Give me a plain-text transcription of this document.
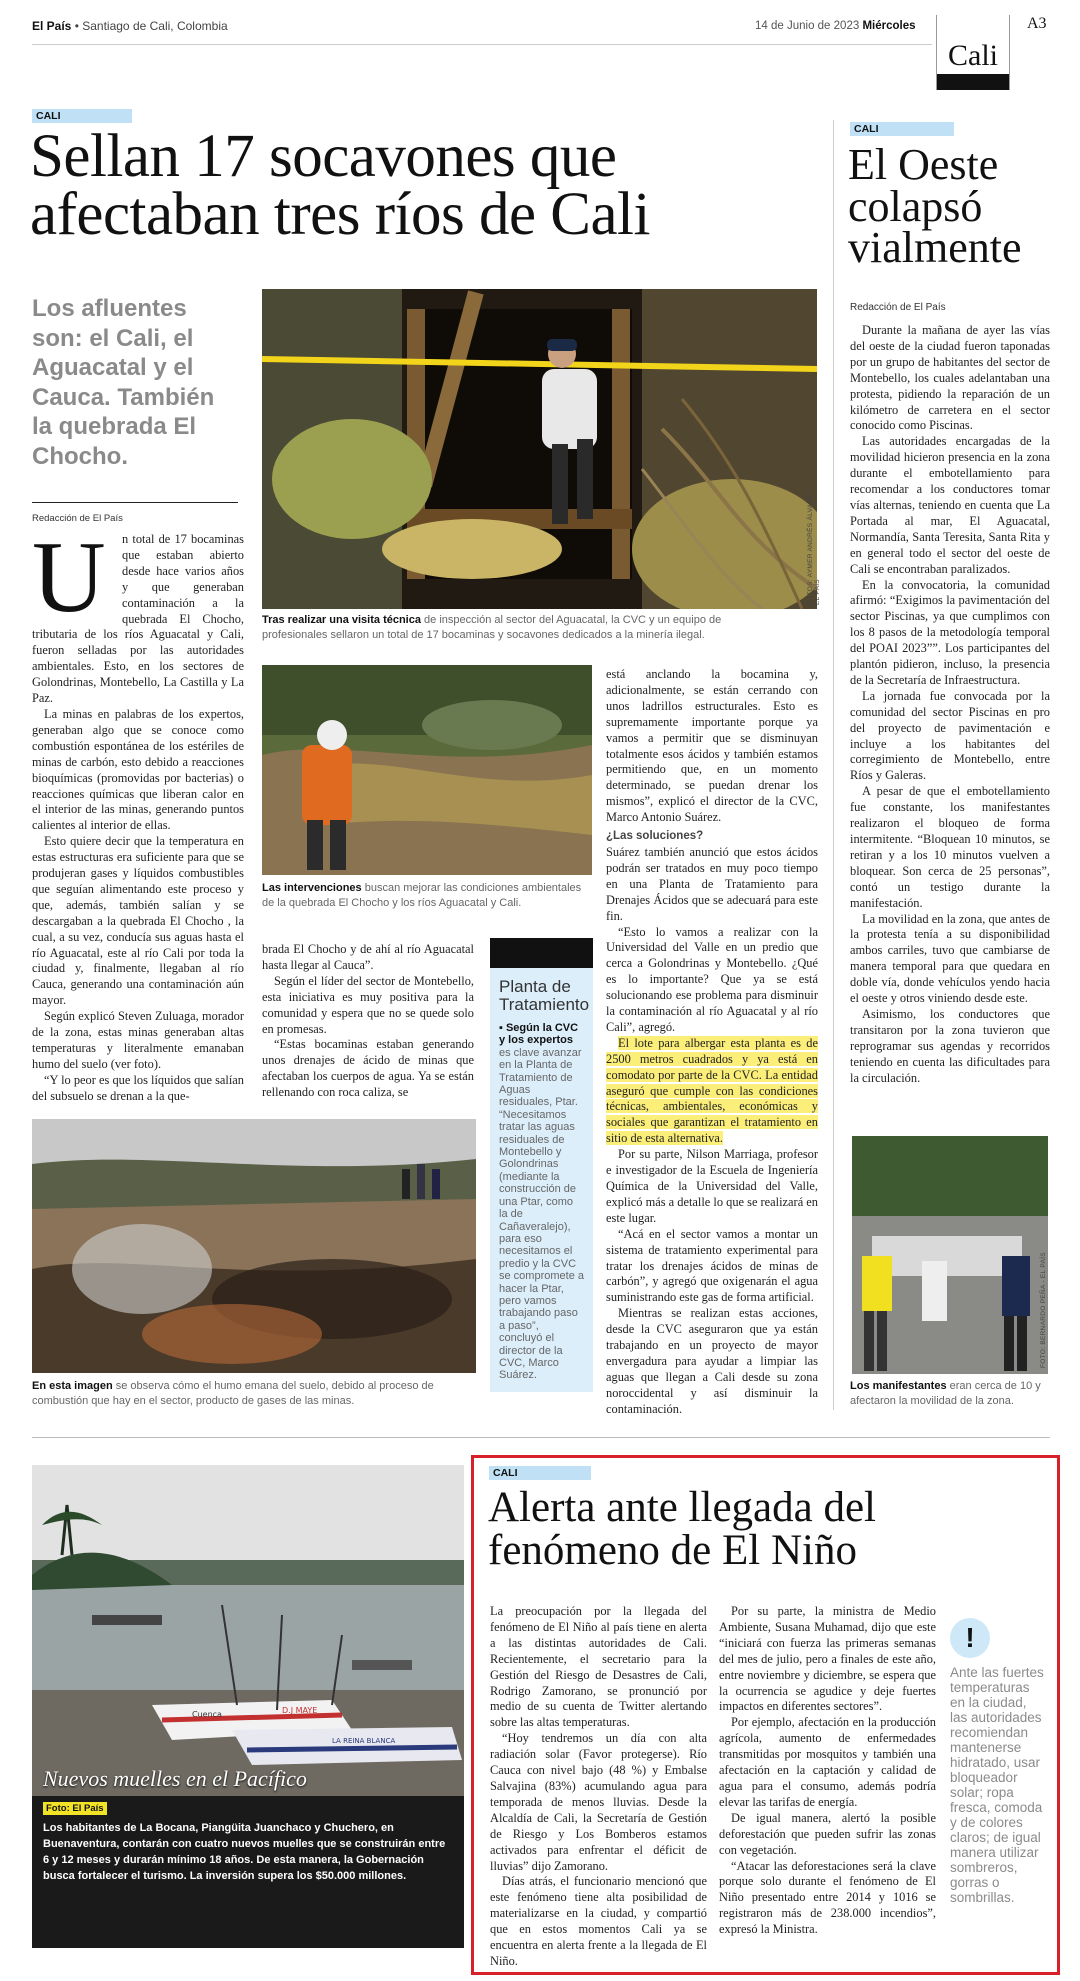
El País • Santiago de Cali, Colombia	14 de Junio de 2023 Miércoles
Cali
A3
CALI
Sellan 17 socavones que
afectaban tres ríos de Cali
Los afluentes son: el Cali, el Aguacatal y el Cauca. También la quebrada El Chocho.
Redacción de El País	FOTOS: AYMER ANDRÉS ÁLVAREZ - EL PAÍS
Tras realizar una visita técnica de inspección al sector del Aguacatal, la CVC y un equipo de profesionales sellaron un total de 17 bocaminas y socavones dedicados a la minería ilegal.
U	n total de 17 bocaminas que estaban abierto desde hace varios años y que generaban contaminación a la quebrada El Chocho, tributaria de los ríos Aguacatal y Cali, fueron selladas por las autoridades ambientales. Esto, en los sectores de Golondrinas, Montebello, La Castilla y La Paz.

La minas en palabras de los expertos, generaban algo que se conoce como combustión espontánea de los estériles de minas de carbón, esto debido a reacciones bioquímicas (promovidas por bacterias) o reacciones químicas que liberan calor en el interior de las minas, generando puntos calientes al interior de ellas.

Esto quiere decir que la temperatura en estas estructuras era suficiente para que se produjeran gases y líquidos combustibles que seguían alimentando este proceso y que, además, también salían y se descargaban a la quebrada El Chocho , la cual, a su vez, conducía sus aguas hasta el río Aguacatal, este al río Cali por toda la ciudad y, finalmente, llegaban al río Cauca, generando una contaminación aún mayor.

Según explicó Steven Zuluaga, morador de la zona, estas minas generaban altas temperaturas y literalmente emanaban humo del suelo (ver foto).

“Y lo peor es que los líquidos que salían del subsuelo se drenan a la que-

Las intervenciones buscan mejorar las condiciones ambientales de la quebrada El Chocho y los ríos Aguacatal y Cali.
brada El Chocho y de ahí al río Aguacatal hasta llegar al Cauca”.

Según el líder del sector de Montebello, esta iniciativa es muy positiva para la comunidad y espera que no se quede solo en promesas.

“Estas bocaminas estaban generando unos drenajes de ácido de minas que afectaban los cuerpos de agua. Ya se están rellenando con roca caliza, se

está anclando la bocamina y, adicionalmente, se están cerrando con unos ladrillos estructurales. Esto es supremamente importante porque ya vamos a permitir que se disminuyan totalmente esos ácidos y también estamos permitiendo que, en un momento determinado, se puedan drenar los mismos”, explicó el director de la CVC, Marco Antonio Suárez.
¿Las soluciones?
Suárez también anunció que estos ácidos podrán ser tratados en muy poco tiempo en una Planta de Tratamiento para Drenajes Ácidos que se adecuará para este fin.

“Esto lo vamos a realizar con la Universidad del Valle en un predio que cerca a Golondrinas y Montebello. ¿Qué es lo importante? Que ya se está solucionando ese problema para disminuir la contaminación al río Aguacatal y al río Cali”, agregó.

El lote para albergar esta planta es de 2500 metros cuadrados y ya está en comodato por parte de la CVC. La entidad aseguró que cumple con las condiciones técnicas, ambientales, económicas y sociales que garantizan el tratamiento en sitio de esta alternativa.

Por su parte, Nilson Marriaga, profesor e investigador de la Escuela de Ingeniería Química de la Universidad del Valle, explicó más a detalle lo que se realizará en este lugar.

“Acá en el sector vamos a montar un sistema de tratamiento experimental para tratar los drenajes ácidos de minas de carbón”, y agregó que oxigenarán el agua suministrando este gas de forma artificial.

Mientras se realizan estas acciones, desde la CVC aseguraron que ya están trabajando en un proyecto de mayor envergadura para ayudar a limpiar las aguas que llegan a Cali desde su zona noroccidental y así disminuir la contaminación.

Planta de Tratamiento
▪ Según la CVC y los expertos es clave avanzar en la Planta de Tratamiento de Aguas residuales, Ptar. “Necesitamos tratar las aguas residuales de Montebello y Golondrinas (mediante la construcción de una Ptar, como la de Cañaveralejo), para eso necesitamos el predio y la CVC se compromete a hacer la Ptar, pero vamos trabajando paso a paso”, concluyó el director de la CVC, Marco Suárez.
En esta imagen se observa cómo el humo emana del suelo, debido al proceso de combustión que hay en el sector, producto de gases de las minas.
CALI
El Oeste colapsó vialmente
Redacción de El País

Durante la mañana de ayer las vías del oeste de la ciudad fueron taponadas por un grupo de habitantes del sector de Montebello, los cuales adelantaban una protesta, pidiendo la reparación de un kilómetro de carretera en el sector conocido como Piscinas.

Las autoridades encargadas de la movilidad hicieron presencia en la zona durante el embotellamiento para recomendar a los conductores tomar vías alternas, teniendo en cuenta que La Portada al mar, El Aguacatal, Normandía, Santa Teresita, Santa Rita y en general todo el sector del oeste de Cali se encontraban paralizados.

En la convocatoria, la comunidad afirmó: “Exigimos la pavimentación del sector Piscinas, ya que cumplimos con los 8 pasos de la metodología temporal del POAI 2023””. Los participantes del plantón pidieron, incluso, la presencia de la Secretaría de Infraestructura.

La jornada fue convocada por la comunidad del sector Piscinas en pro del proyecto de pavimentación e incluye a los habitantes del corregimiento de Montebello, entre Ríos y Galeras.

A pesar de que el embotellamiento fue constante, los manifestantes realizaron el bloqueo de forma intermitente. “Bloquean 10 minutos, se retiran y a los 10 minutos vuelven a bloquear. Son cerca de 25 personas”, contó un testigo durante la manifestación.

La movilidad en la zona, que antes de la protesta tenía a su disponibilidad ambos carriles, tuvo que cambiarse de manera temporal para que quedara en doble vía, donde vehículos yendo hacia el oeste y otros viniendo desde este.

Asimismo, los conductores que transitaron por la zona tuvieron que reprogramar sus agendas y recorridos teniendo en cuenta las dificultades para la circulación.

FOTO: BERNARDO PEÑA - EL PAÍS
Los manifestantes eran cerca de 10 y afectaron la movilidad de la zona.
Cuenca	D.J MAYE
LA REINA BLANCA
Nuevos muelles en el Pacífico
Foto: El País
Los habitantes de La Bocana, Piangüita Juanchaco y Chuchero, en Buenaventura, contarán con cuatro nuevos muelles que se construirán entre 6 y 12 meses y durarán mínimo 18 años. De esta manera, la Gobernación busca fortalecer el turismo. La inversión supera los $50.000 millones.
CALI
Alerta ante llegada del
fenómeno de El Niño
La preocupación por la llegada del fenómeno de El Niño al país tiene en alerta a las distintas autoridades de Cali. Recientemente, el secretario para la Gestión del Riesgo de Desastres de Cali, Rodrigo Zamorano, se pronunció por medio de su cuenta de Twitter alertando sobre las altas temperaturas.

“Hoy tendremos un día con alta radiación solar (Favor protegerse). Río Cauca con nivel bajo (48 %) y Embalse Salvajina (83%) acumulando agua para temporada de menos lluvias. Desde la Alcaldía de Cali, la Secretaría de Gestión de Riesgo y Los Bomberos estamos activados para enfrentar el déficit de lluvias” dijo Zamorano.

Días atrás, el funcionario mencionó que este fenómeno tiene alta posibilidad de materializarse en la ciudad, y compartió que en estos momentos Cali ya se encuentra en alerta frente a la llegada de El Niño.

Por su parte, la ministra de Medio Ambiente, Susana Muhamad, dijo que este “iniciará con fuerza las primeras semanas del mes de julio, pero a finales de este año, entre noviembre y diciembre, se espera que la ocurrencia se agudice y deje fuertes impactos en diferentes sectores”.

Por ejemplo, afectación en la producción agrícola, aumento de enfermedades transmitidas por mosquitos y también una afectación en la captación y calidad de agua para el consumo, además podría elevar las tarifas de energía.

De igual manera, alertó la posible deforestación que pueden sufrir las zonas con vegetación.

“Atacar las deforestaciones será la clave porque solo durante el fenómeno de El Niño presentado entre 2014 y 1016 se registraron más de 238.000 incendios”, expresó la Ministra.

!
Ante las fuertes temperaturas en la ciudad, las autoridades recomiendan mantenerse hidratado, usar bloqueador solar; ropa fresca, comoda y de colores claros; de igual manera utilizar sombreros, gorras o sombrillas.
